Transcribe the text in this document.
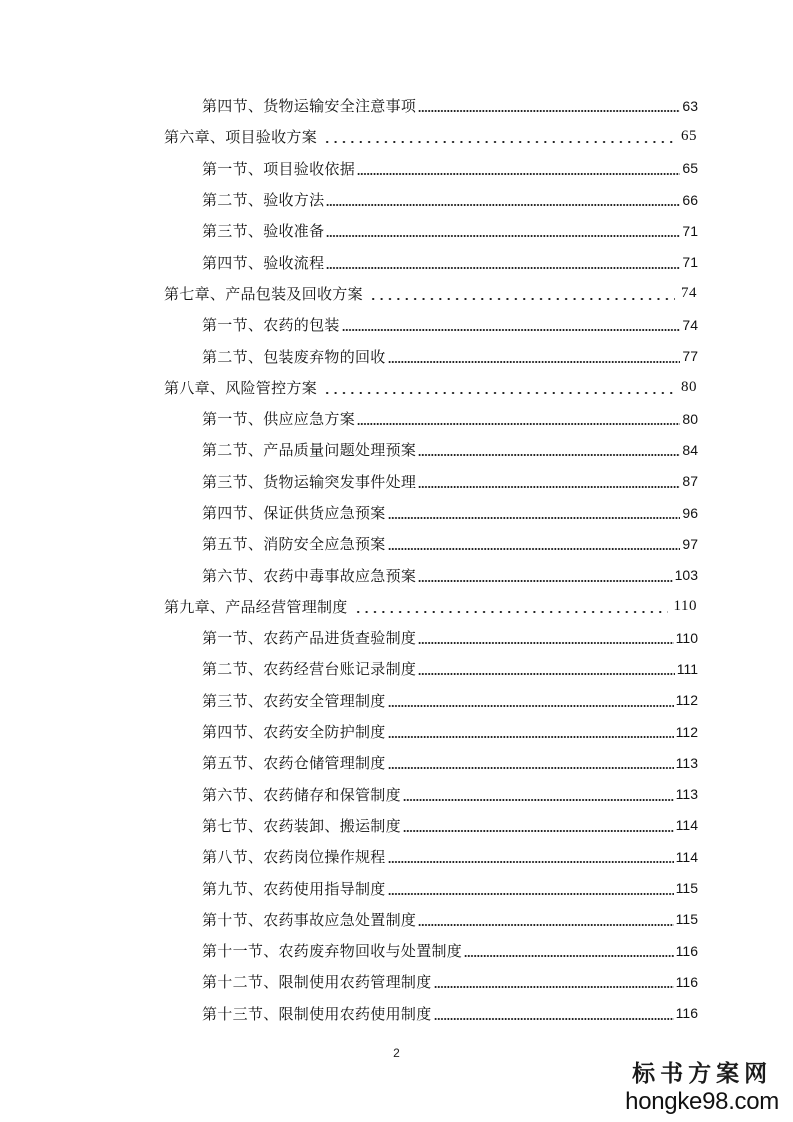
第四节、货物运输安全注意事项	63
第六章、项目验收方案	65
第一节、项目验收依据	65
第二节、验收方法	66
第三节、验收准备	71
第四节、验收流程	71
第七章、产品包装及回收方案	74
第一节、农药的包装	74
第二节、包装废弃物的回收	77
第八章、风险管控方案	80
第一节、供应应急方案	80
第二节、产品质量问题处理预案	84
第三节、货物运输突发事件处理	87
第四节、保证供货应急预案	96
第五节、消防安全应急预案	97
第六节、农药中毒事故应急预案	103
第九章、产品经营管理制度	110
第一节、农药产品进货查验制度	110
第二节、农药经营台账记录制度	111
第三节、农药安全管理制度	112
第四节、农药安全防护制度	112
第五节、农药仓储管理制度	113
第六节、农药储存和保管制度	113
第七节、农药装卸、搬运制度	114
第八节、农药岗位操作规程	114
第九节、农药使用指导制度	115
第十节、农药事故应急处置制度	115
第十一节、农药废弃物回收与处置制度	116
第十二节、限制使用农药管理制度	116
第十三节、限制使用农药使用制度	116
2
标书方案网
hongke98.com
